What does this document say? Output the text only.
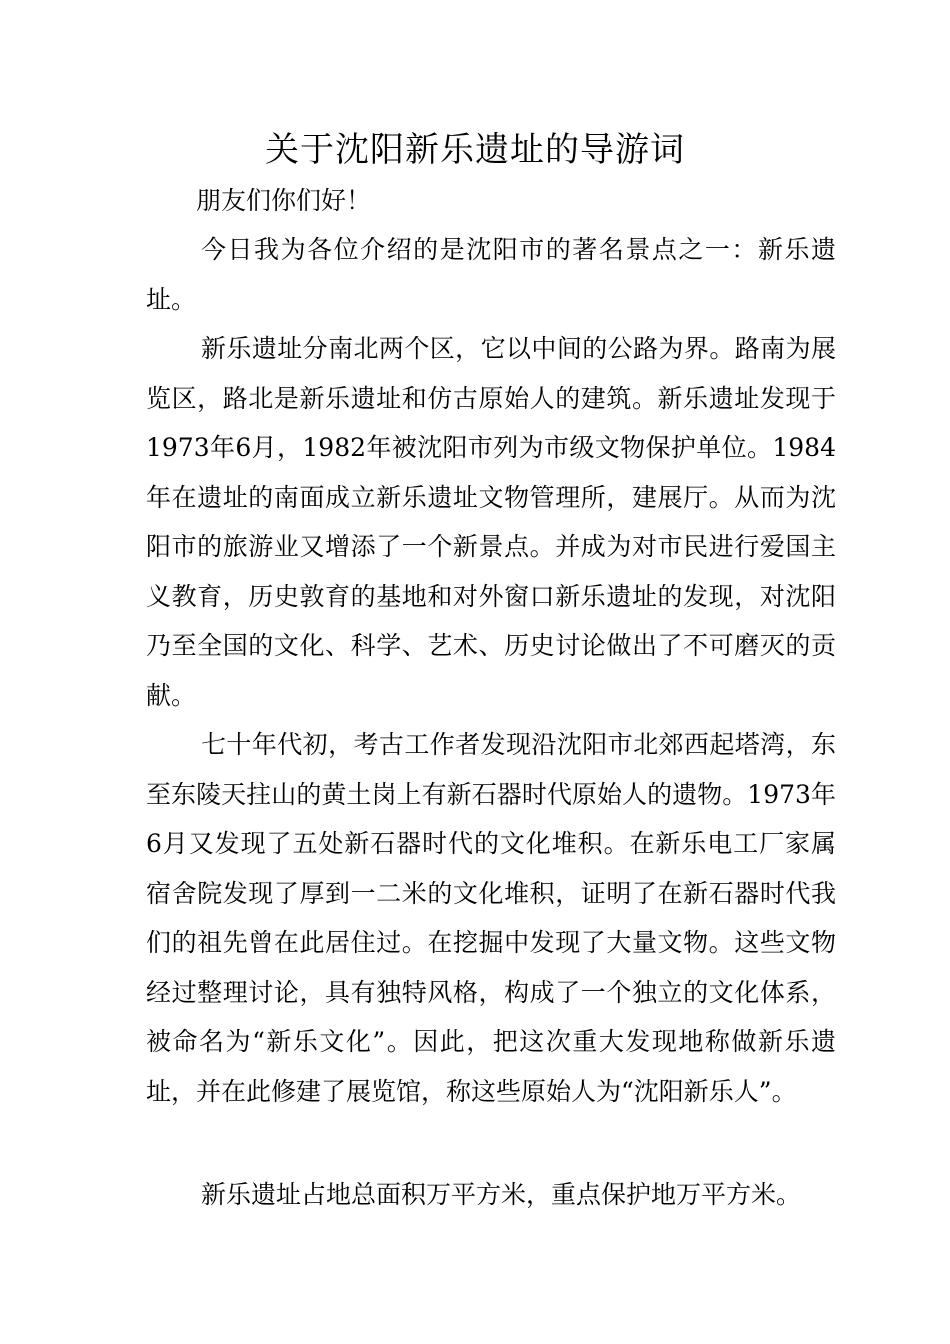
关于沈阳新乐遗址的导游词
朋友们你们好！
今日我为各位介绍的是沈阳市的著名景点之一：新乐遗址。
新乐遗址分南北两个区，它以中间的公路为界。路南为展览区，路北是新乐遗址和仿古原始人的建筑。新乐遗址发现于1973年6月，1982年被沈阳市列为市级文物保护单位。1984年在遗址的南面成立新乐遗址文物管理所，建展厅。从而为沈阳市的旅游业又增添了一个新景点。并成为对市民进行爱国主义教育，历史敦育的基地和对外窗口新乐遗址的发现，对沈阳乃至全国的文化、科学、艺术、历史讨论做出了不可磨灭的贡献。
七十年代初，考古工作者发现沿沈阳市北郊西起塔湾，东至东陵天拄山的黄土岗上有新石器时代原始人的遗物。1973年6月又发现了五处新石器时代的文化堆积。在新乐电工厂家属宿舍院发现了厚到一二米的文化堆积，证明了在新石器时代我们的祖先曾在此居住过。在挖掘中发现了大量文物。这些文物经过整理讨论，具有独特风格，构成了一个独立的文化体系，被命名为“新乐文化”。因此，把这次重大发现地称做新乐遗址，并在此修建了展览馆，称这些原始人为“沈阳新乐人”。
新乐遗址占地总面积万平方米，重点保护地万平方米。
